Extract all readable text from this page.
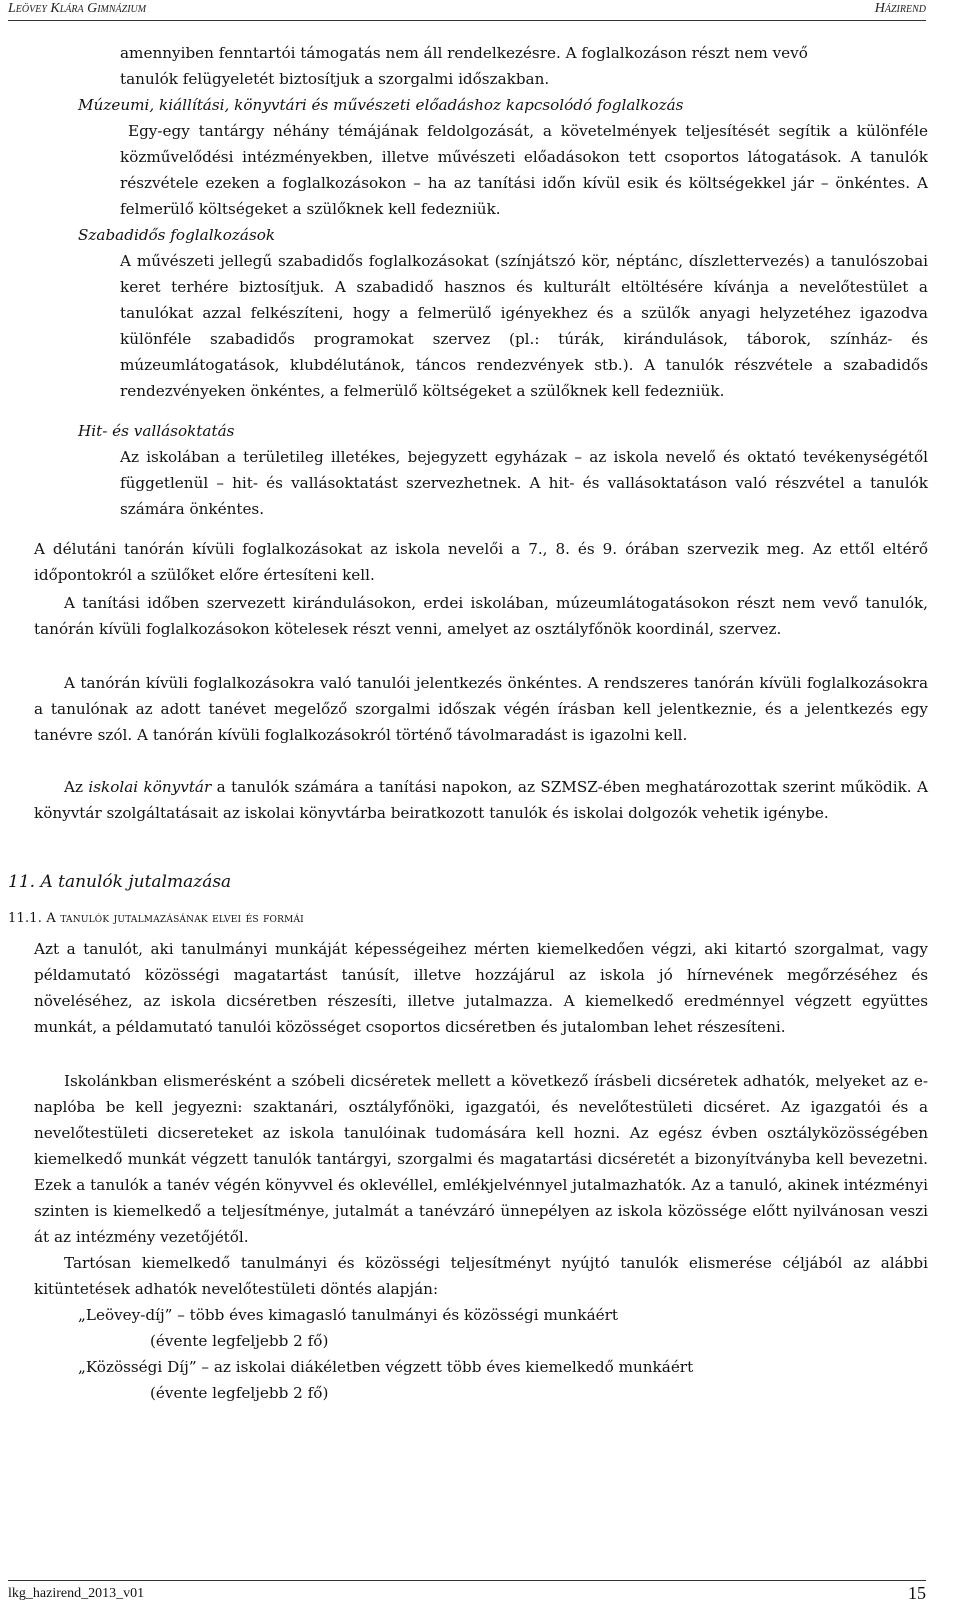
Leövey Klára Gimnázium	Házirend
amennyiben fenntartói támogatás nem áll rendelkezésre. A foglalkozáson részt nem vevő
tanulók felügyeletét biztosítjuk a szorgalmi időszakban.
Múzeumi, kiállítási, könyvtári és művészeti előadáshoz kapcsolódó foglalkozás
Egy-egy tantárgy néhány témájának feldolgozását, a követelmények teljesítését segítik a különféle közművelődési intézményekben, illetve művészeti előadásokon tett csoportos látogatások. A tanulók részvétele ezeken a foglalkozásokon – ha az tanítási időn kívül esik és költségekkel jár – önkéntes. A felmerülő költségeket a szülőknek kell fedezniük.
Szabadidős foglalkozások
A művészeti jellegű szabadidős foglalkozásokat (színjátszó kör, néptánc, díszlettervezés) a tanulószobai keret terhére biztosítjuk. A szabadidő hasznos és kulturált eltöltésére kívánja a nevelőtestület a tanulókat azzal felkészíteni, hogy a felmerülő igényekhez és a szülők anyagi helyzetéhez igazodva különféle szabadidős programokat szervez (pl.: túrák, kirándulások, táborok, színház- és múzeumlátogatások, klubdélutánok, táncos rendezvények stb.). A tanulók részvétele a szabadidős rendezvényeken önkéntes, a felmerülő költségeket a szülőknek kell fedezniük.
Hit- és vallásoktatás
Az iskolában a területileg illetékes, bejegyzett egyházak – az iskola nevelő és oktató tevékenységétől függetlenül – hit- és vallásoktatást szervezhetnek. A hit- és vallásoktatáson való részvétel a tanulók számára önkéntes.
A délutáni tanórán kívüli foglalkozásokat az iskola nevelői a 7., 8. és 9. órában szervezik meg. Az ettől eltérő időpontokról a szülőket előre értesíteni kell.
A tanítási időben szervezett kirándulásokon, erdei iskolában, múzeumlátogatásokon részt nem vevő tanulók, tanórán kívüli foglalkozásokon kötelesek részt venni, amelyet az osztályfőnök koordinál, szervez.
A tanórán kívüli foglalkozásokra való tanulói jelentkezés önkéntes. A rendszeres tanórán kívüli foglalkozásokra a tanulónak az adott tanévet megelőző szorgalmi időszak végén írásban kell jelentkeznie, és a jelentkezés egy tanévre szól. A tanórán kívüli foglalkozásokról történő távolmaradást is igazolni kell.
Az iskolai könyvtár a tanulók számára a tanítási napokon, az SZMSZ-ében meghatározottak szerint működik. A könyvtár szolgáltatásait az iskolai könyvtárba beiratkozott tanulók és iskolai dolgozók vehetik igénybe.
11. A tanulók jutalmazása
11.1. A tanulók jutalmazásának elvei és formái
Azt a tanulót, aki tanulmányi munkáját képességeihez mérten kiemelkedően végzi, aki kitartó szorgalmat, vagy példamutató közösségi magatartást tanúsít, illetve hozzájárul az iskola jó hírnevének megőrzéséhez és növeléséhez, az iskola dicséretben részesíti, illetve jutalmazza. A kiemelkedő eredménnyel végzett együttes munkát, a példamutató tanulói közösséget csoportos dicséretben és jutalomban lehet részesíteni.
Iskolánkban elismerésként a szóbeli dicséretek mellett a következő írásbeli dicséretek adhatók, melyeket az e-naplóba be kell jegyezni: szaktanári, osztályfőnöki, igazgatói, és nevelőtestületi dicséret. Az igazgatói és a nevelőtestületi dicsereteket az iskola tanulóinak tudomására kell hozni. Az egész évben osztályközösségében kiemelkedő munkát végzett tanulók tantárgyi, szorgalmi és magatartási dicséretét a bizonyítványba kell bevezetni. Ezek a tanulók a tanév végén könyvvel és oklevéllel, emlékjelvénnyel jutalmazhatók. Az a tanuló, akinek intézményi szinten is kiemelkedő a teljesítménye, jutalmát a tanévzáró ünnepélyen az iskola közössége előtt nyilvánosan veszi át az intézmény vezetőjétől.
Tartósan kiemelkedő tanulmányi és közösségi teljesítményt nyújtó tanulók elismerése céljából az alábbi kitüntetések adhatók nevelőtestületi döntés alapján:
„Leövey-díj” – több éves kimagasló tanulmányi és közösségi munkáért
(évente legfeljebb 2 fő)
„Közösségi Díj” – az iskolai diákéletben végzett több éves kiemelkedő munkáért
(évente legfeljebb 2 fő)
lkg_hazirend_2013_v01	15
